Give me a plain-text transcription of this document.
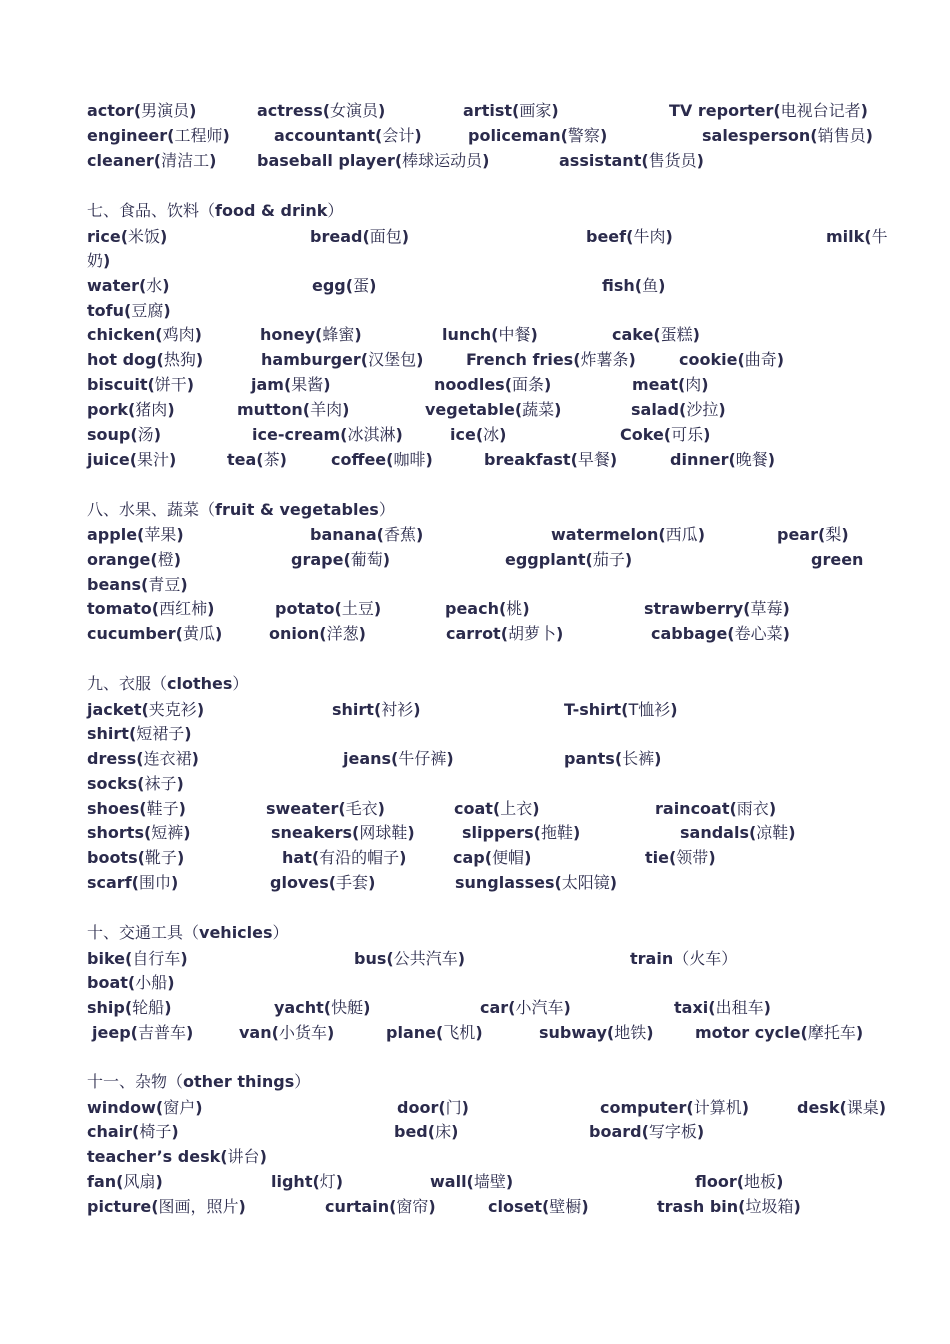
actor(男演员)	actress(女演员)	artist(画家)	TV reporter(电视台记者)
engineer(工程师)	accountant(会计)	policeman(警察)	salesperson(销售员)
cleaner(清洁工)	baseball player(棒球运动员)	assistant(售货员)
七、食品、饮料（food & drink）
rice(米饭)	bread(面包)	beef(牛肉)	milk(牛
奶)
water(水)	egg(蛋)	fish(鱼)
tofu(豆腐)
chicken(鸡肉)	honey(蜂蜜)	lunch(中餐)	cake(蛋糕)
hot dog(热狗)	hamburger(汉堡包)	French fries(炸薯条)	cookie(曲奇)
biscuit(饼干)	jam(果酱)	noodles(面条)	meat(肉)
pork(猪肉)	mutton(羊肉)	vegetable(蔬菜)	salad(沙拉)
soup(汤)	ice-cream(冰淇淋)	ice(冰)	Coke(可乐)
juice(果汁)	tea(茶)	coffee(咖啡)	breakfast(早餐)	dinner(晚餐)
八、水果、蔬菜（fruit & vegetables）
apple(苹果)	banana(香蕉)	watermelon(西瓜)	pear(梨)
orange(橙)	grape(葡萄)	eggplant(茄子)	green
beans(青豆)
tomato(西红柿)	potato(土豆)	peach(桃)	strawberry(草莓)
cucumber(黄瓜)	onion(洋葱)	carrot(胡萝卜)	cabbage(卷心菜)
九、衣服（clothes）
jacket(夹克衫)	shirt(衬衫)	T-shirt(T恤衫)
shirt(短裙子)
dress(连衣裙)	jeans(牛仔裤)	pants(长裤)
socks(袜子)
shoes(鞋子)	sweater(毛衣)	coat(上衣)	raincoat(雨衣)
shorts(短裤)	sneakers(网球鞋)	slippers(拖鞋)	sandals(凉鞋)
boots(靴子)	hat(有沿的帽子)	cap(便帽)	tie(领带)
scarf(围巾)	gloves(手套)	sunglasses(太阳镜)
十、交通工具（vehicles）
bike(自行车)	bus(公共汽车)	train（火车）
boat(小船)
ship(轮船)	yacht(快艇)	car(小汽车)	taxi(出租车)
jeep(吉普车)	van(小货车)	plane(飞机)	subway(地铁)	motor cycle(摩托车)
十一、杂物（other things）
window(窗户)	door(门)	computer(计算机)	desk(课桌)
chair(椅子)	bed(床)	board(写字板)
teacher’s desk(讲台)
fan(风扇)	light(灯)	wall(墙壁)	floor(地板)
picture(图画，照片)	curtain(窗帘)	closet(壁橱)	trash bin(垃圾箱)
